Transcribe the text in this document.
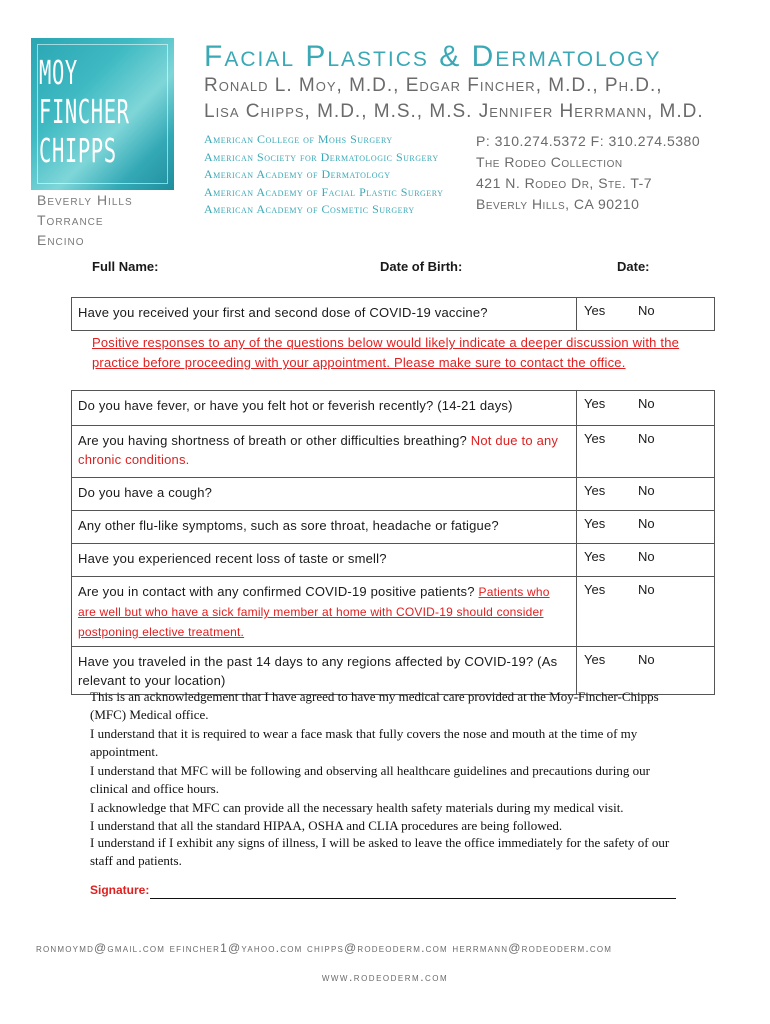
MOY
FINCHER
CHIPPS
Beverly Hills
Torrance
Encino
Facial Plastics & Dermatology
Ronald L. Moy, M.D., Edgar Fincher, M.D., Ph.D.,
Lisa Chipps, M.D., M.S., M.S. Jennifer Herrmann, M.D.
American College of Mohs Surgery
American Society for Dermatologic Surgery
American Academy of Dermatology
American Academy of Facial Plastic Surgery
American Academy of Cosmetic Surgery
P: 310.274.5372 F: 310.274.5380
The Rodeo Collection
421 N. Rodeo Dr, Ste. T-7
Beverly Hills, CA 90210
Full Name:	Date of Birth:	Date:
Have you received your first and second dose of COVID-19 vaccine?	Yes	No
Positive responses to any of the questions below would likely indicate a deeper discussion with the practice before proceeding with your appointment. Please make sure to contact the office.
Do you have fever, or have you felt hot or feverish recently? (14-21 days)	Yes No

Are you having shortness of breath or other difficulties breathing? Not due to any chronic conditions.	Yes No

Do you have a cough?	Yes No

Any other flu-like symptoms, such as sore throat, headache or fatigue?	Yes No

Have you experienced recent loss of taste or smell?	Yes No

Are you in contact with any confirmed COVID-19 positive patients? Patients who are well but who have a sick family member at home with COVID-19 should consider postponing elective treatment.	Yes No

Have you traveled in the past 14 days to any regions affected by COVID-19? (As relevant to your location)	Yes No

This is an acknowledgement that I have agreed to have my medical care provided at the Moy-Fincher-Chipps (MFC) Medical office.

I understand that it is required to wear a face mask that fully covers the nose and mouth at the time of my appointment.

I understand that MFC will be following and observing all healthcare guidelines and precautions during our clinical and office hours.

I acknowledge that MFC can provide all the necessary health safety materials during my medical visit.

I understand that all the standard HIPAA, OSHA and CLIA procedures are being followed.

I understand if I exhibit any signs of illness, I will be asked to leave the office immediately for the safety of our staff and patients.

Signature:
ronmoymd@gmail.com efincher1@yahoo.com chipps@rodeoderm.com herrmann@rodeoderm.com
www.rodeoderm.com
